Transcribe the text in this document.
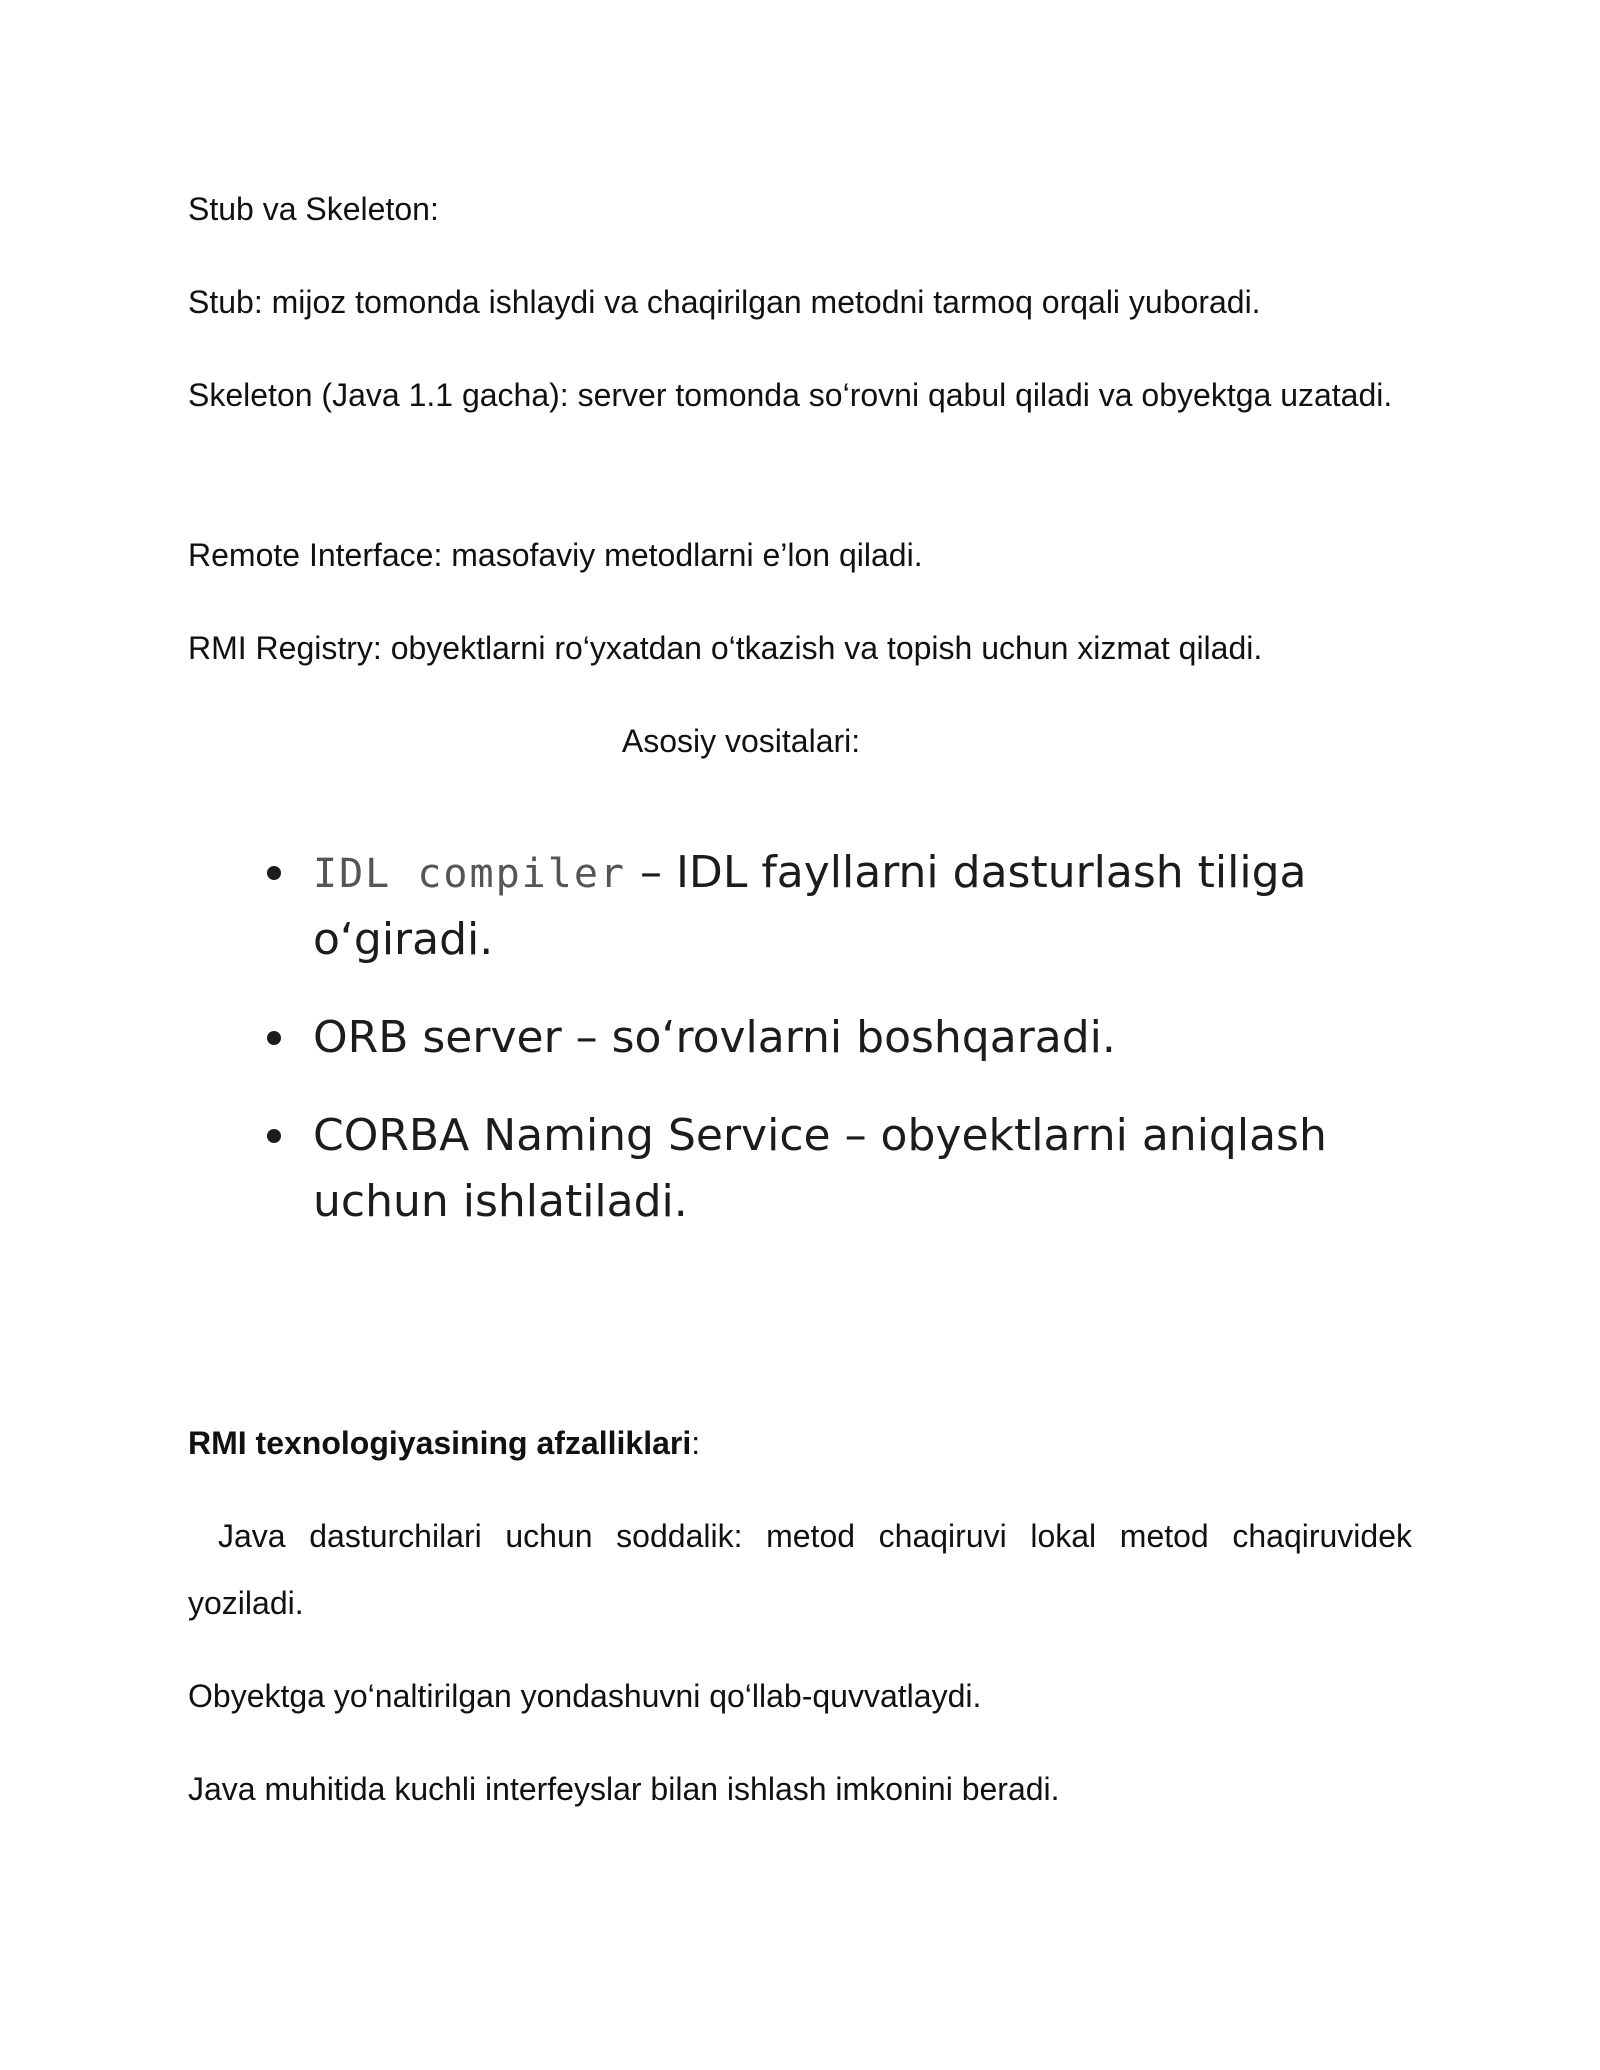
Stub va Skeleton:

Stub: mijoz tomonda ishlaydi va chaqirilgan metodni tarmoq orqali yuboradi.

Skeleton (Java 1.1 gacha): server tomonda so‘rovni qabul qiladi va obyektga uzatadi.

Remote Interface: masofaviy metodlarni e’lon qiladi.

RMI Registry: obyektlarni ro‘yxatdan o‘tkazish va topish uchun xizmat qiladi.

Asosiy vositalari:

IDL compiler – IDL fayllarni dasturlash tiliga o‘giradi.
ORB server – so‘rovlarni boshqaradi.
CORBA Naming Service – obyektlarni aniqlash uchun ishlatiladi.

RMI texnologiyasining afzalliklari:

Java dasturchilari uchun soddalik: metod chaqiruvi lokal metod chaqiruvidek yoziladi.

Obyektga yo‘naltirilgan yondashuvni qo‘llab-quvvatlaydi.

Java muhitida kuchli interfeyslar bilan ishlash imkonini beradi.
